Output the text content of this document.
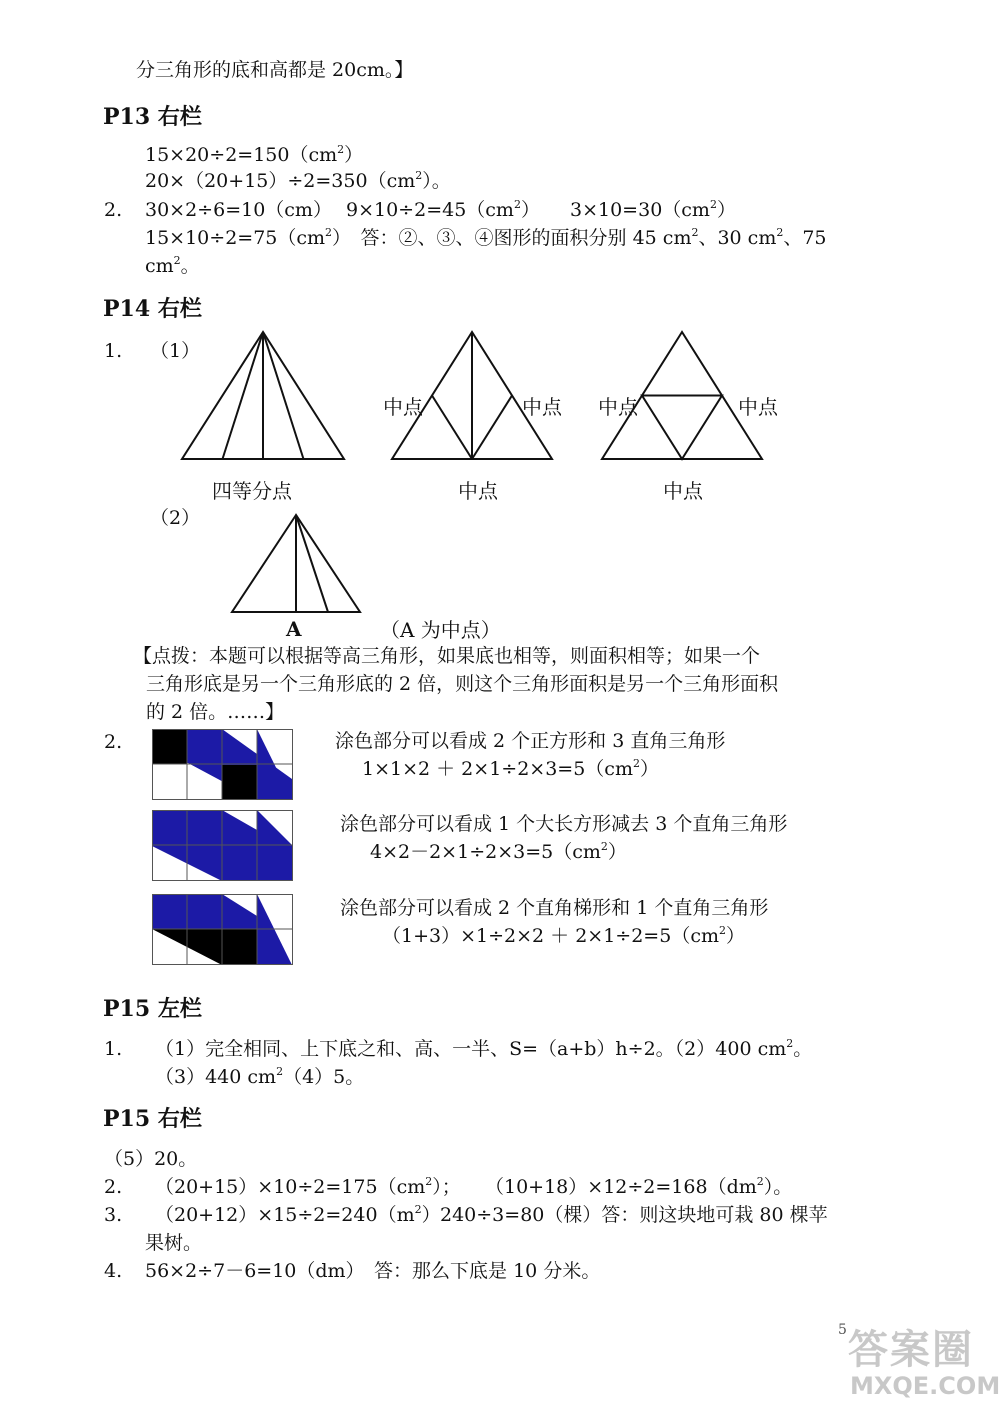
分三角形的底和高都是 20cm。】
P13 右栏
$15\times 20\div 2=150(cm^2)$
$20\times(20+15)\div 2=350(cm^2)$。
2. 30×2÷6=10（cm） $9\times 10\div 2=45(cm^2)$ $3\times 10=30(cm^2)$
$15\times 10\div 2=75(cm^2)$　答：②、③、④图形的面积分别 45 $cm^2$、30 $cm^2$、75
$cm^2$。
P14 右栏
1. （1）
四等分点
中点	中点
中点
中点	中点
中点
（2）
A	（A 为中点）
【点拨：本题可以根据等高三角形，如果底也相等，则面积相等；如果一个
三角形底是另一个三角形底的 2 倍，则这个三角形面积是另一个三角形面积
的 2 倍。……】
2.	涂色部分可以看成 2 个正方形和 3 直角三角形
$1\times 1\times 2 + 2\times 1\div 2\times 3=5(cm^2)$
涂色部分可以看成 1 个大长方形减去 3 个直角三角形
$4\times 2-2\times 1\div 2\times 3=5(cm^2)$
涂色部分可以看成 2 个直角梯形和 1 个直角三角形
$(1+3)\times 1\div 2\times 2 + 2\times 1\div 2=5(cm^2)$
P15 左栏
1. （1）完全相同、上下底之和、高、一半、S=（a+b）h÷2。（2）400 $cm^2$。
（3）440 $cm^2(4)5$。
P15 右栏
（5）20。
2. $(20+15)\times 10\div 2=175(cm^2)$； $(10+18)\times 12\div 2=168(dm^2)$。
3. $(20+12)\times 15\div 2=240(m^2)$ 240÷3=80（棵）答：则这块地可栽 80 棵苹
果树。
4. 56×2÷7－6=10（dm）　答：那么下底是 10 分米。
5 答案圈
MXQE.COM
